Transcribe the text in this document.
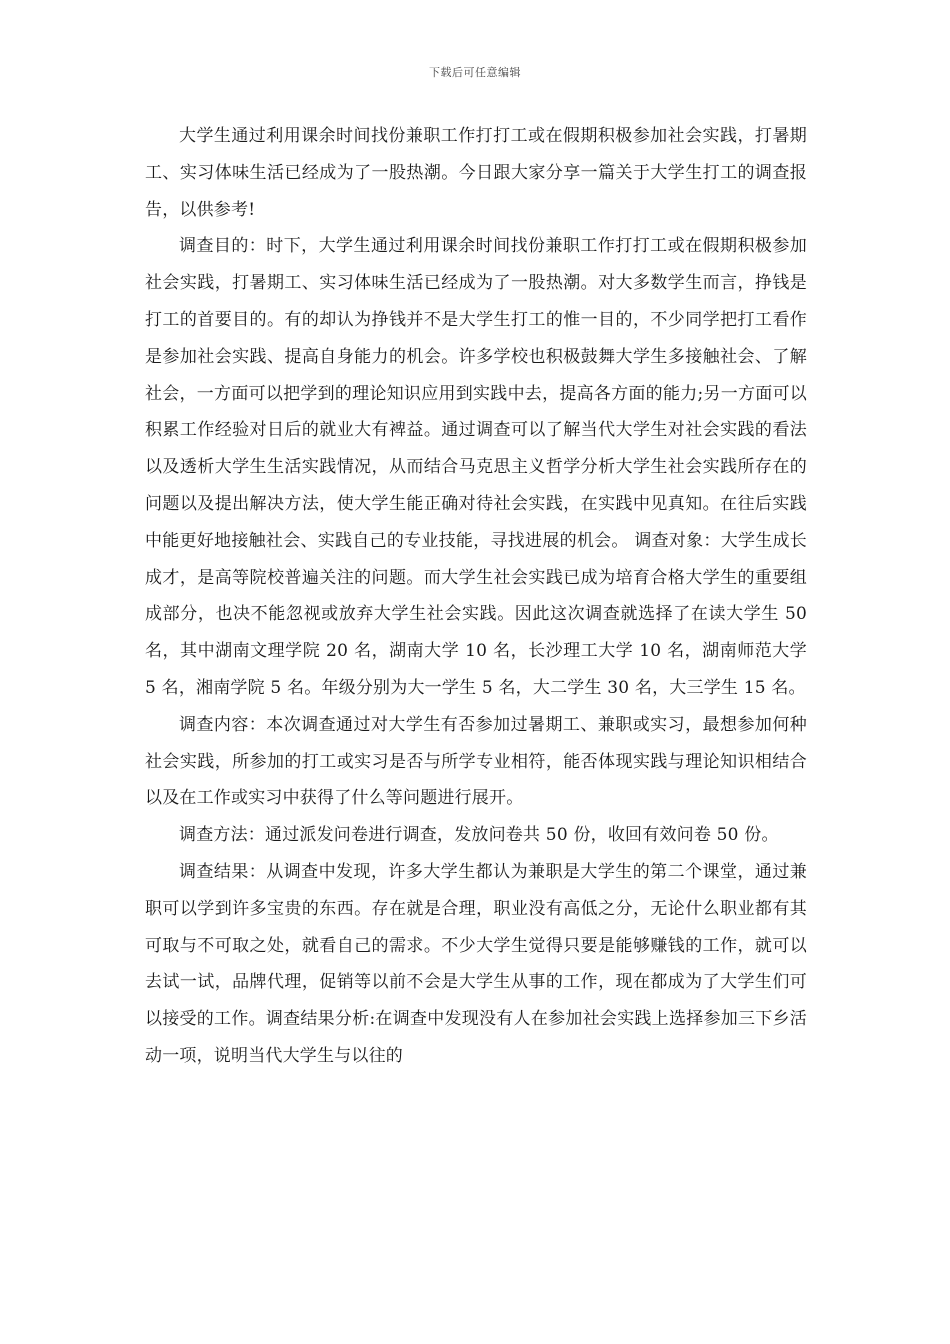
下载后可任意编辑

大学生通过利用课余时间找份兼职工作打打工或在假期积极参加社会实践，打暑期工、实习体味生活已经成为了一股热潮。今日跟大家分享一篇关于大学生打工的调查报告，以供参考!

调查目的：时下，大学生通过利用课余时间找份兼职工作打打工或在假期积极参加社会实践，打暑期工、实习体味生活已经成为了一股热潮。对大多数学生而言，挣钱是打工的首要目的。有的却认为挣钱并不是大学生打工的惟一目的，不少同学把打工看作是参加社会实践、提高自身能力的机会。许多学校也积极鼓舞大学生多接触社会、了解社会，一方面可以把学到的理论知识应用到实践中去，提高各方面的能力;另一方面可以积累工作经验对日后的就业大有裨益。通过调查可以了解当代大学生对社会实践的看法以及透析大学生生活实践情况，从而结合马克思主义哲学分析大学生社会实践所存在的问题以及提出解决方法，使大学生能正确对待社会实践，在实践中见真知。在往后实践中能更好地接触社会、实践自己的专业技能，寻找进展的机会。 调查对象：大学生成长成才，是高等院校普遍关注的问题。而大学生社会实践已成为培育合格大学生的重要组成部分，也决不能忽视或放弃大学生社会实践。因此这次调查就选择了在读大学生 50 名，其中湖南文理学院 20 名，湖南大学 10 名，长沙理工大学 10 名，湖南师范大学 5 名，湘南学院 5 名。年级分别为大一学生 5 名，大二学生 30 名，大三学生 15 名。

调查内容：本次调查通过对大学生有否参加过暑期工、兼职或实习，最想参加何种社会实践，所参加的打工或实习是否与所学专业相符，能否体现实践与理论知识相结合以及在工作或实习中获得了什么等问题进行展开。

调查方法：通过派发问卷进行调查，发放问卷共 50 份，收回有效问卷 50 份。

调查结果：从调查中发现，许多大学生都认为兼职是大学生的第二个课堂，通过兼职可以学到许多宝贵的东西。存在就是合理，职业没有高低之分，无论什么职业都有其可取与不可取之处，就看自己的需求。不少大学生觉得只要是能够赚钱的工作，就可以去试一试，品牌代理，促销等以前不会是大学生从事的工作，现在都成为了大学生们可以接受的工作。调查结果分析:在调查中发现没有人在参加社会实践上选择参加三下乡活动一项，说明当代大学生与以往的
